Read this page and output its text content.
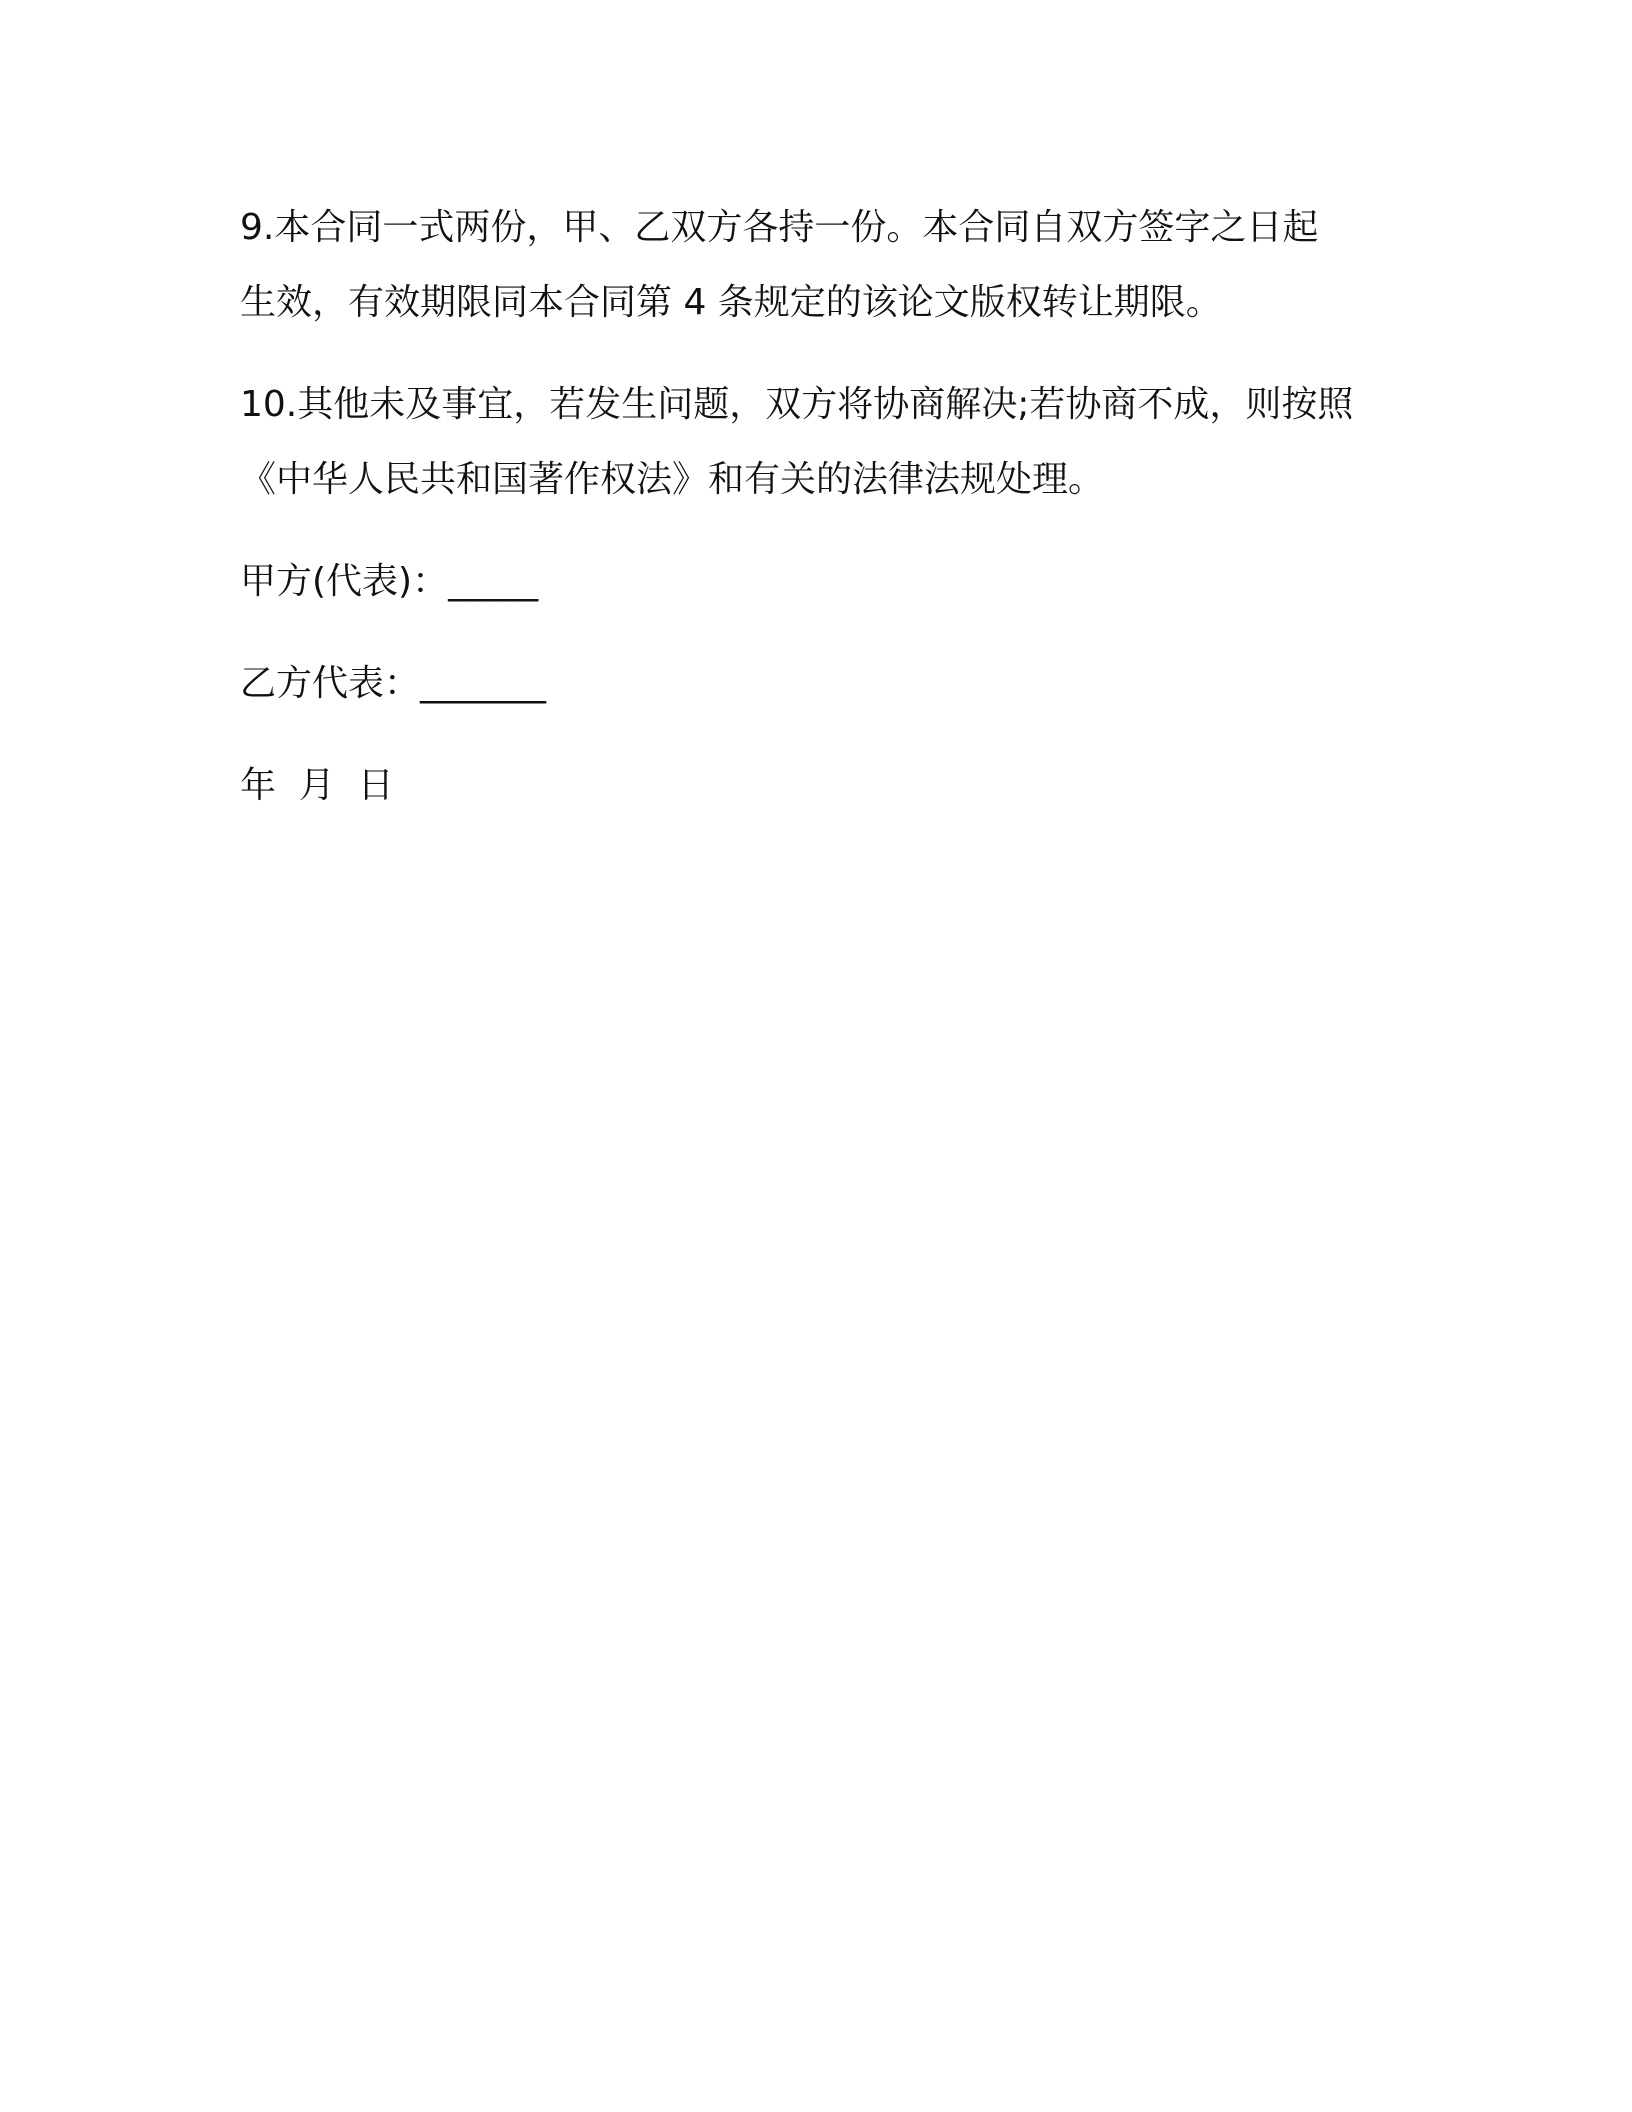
9.本合同一式两份，甲、乙双方各持一份。本合同自双方签字之日起
生效，有效期限同本合同第 4 条规定的该论文版权转让期限。
10.其他未及事宜，若发生问题，双方将协商解决;若协商不成，则按照
《中华人民共和国著作权法》和有关的法律法规处理。
甲方(代表)：_____
乙方代表：_______
年  月  日
